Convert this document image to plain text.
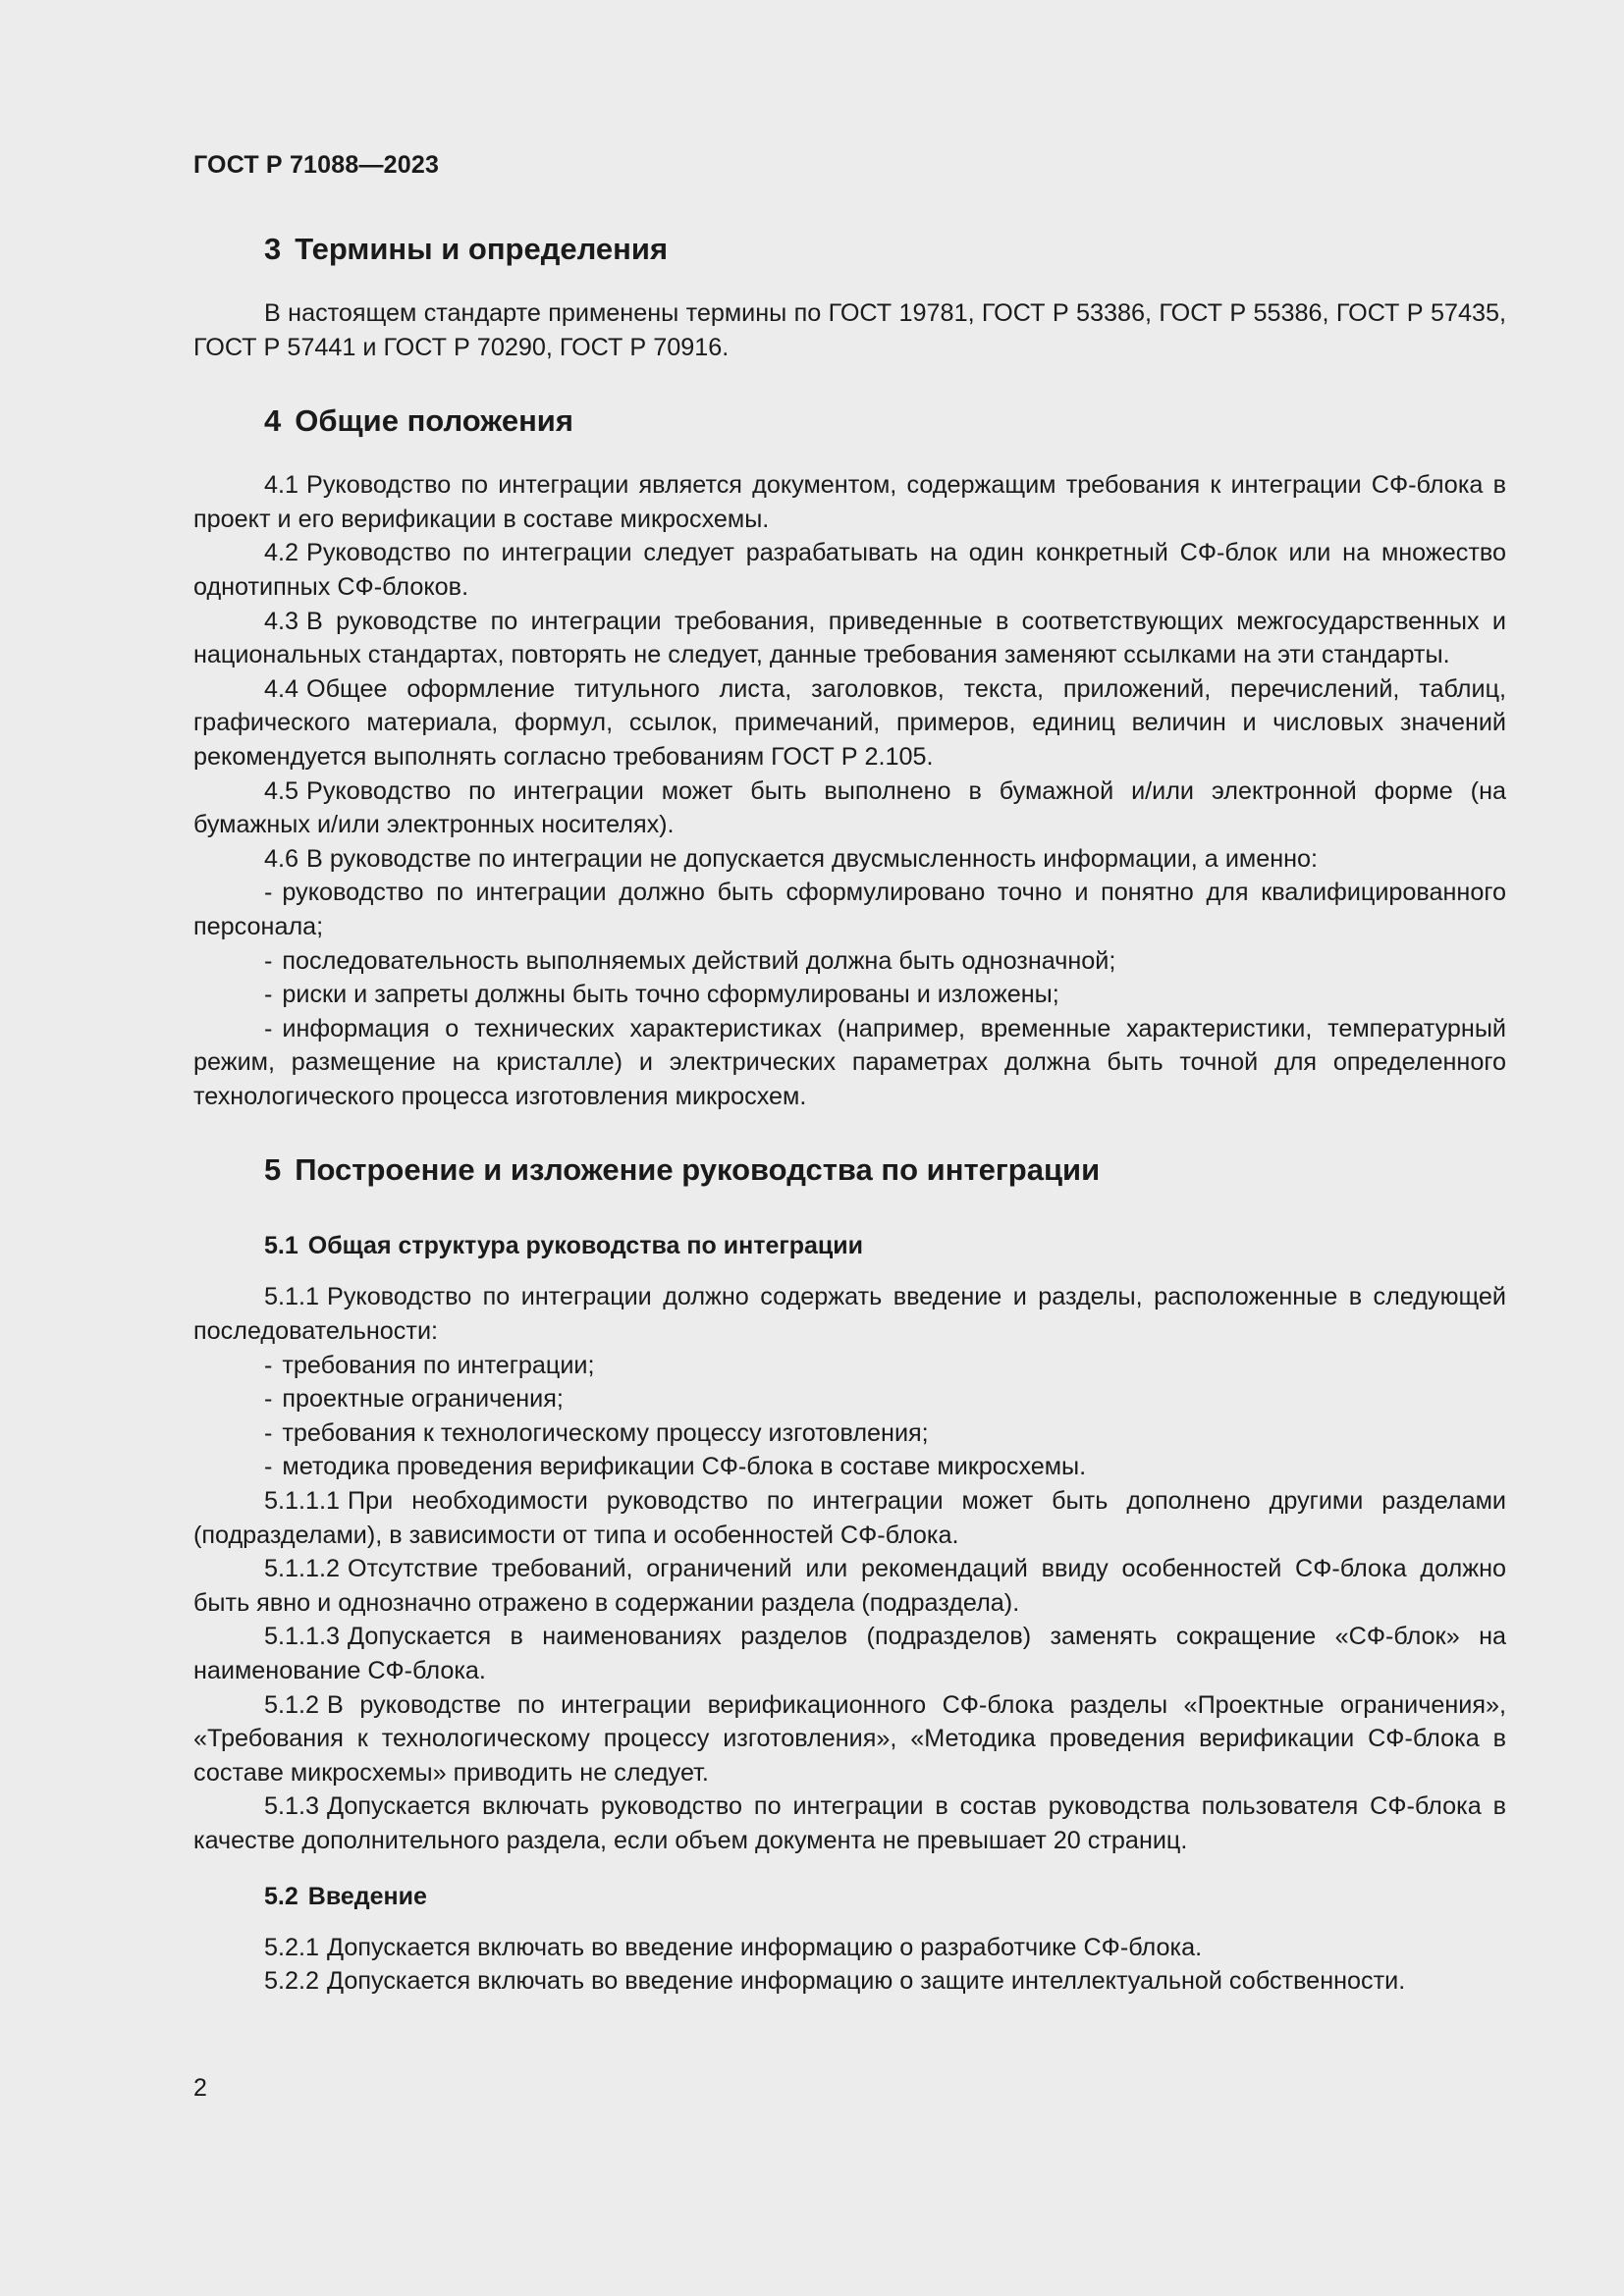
ГОСТ Р 71088—2023
3 Термины и определения

В настоящем стандарте применены термины по ГОСТ 19781, ГОСТ Р 53386, ГОСТ Р 55386, ГОСТ Р 57435, ГОСТ Р 57441 и ГОСТ Р 70290, ГОСТ Р 70916.

4 Общие положения

4.1 Руководство по интеграции является документом, содержащим требования к интеграции СФ-блока в проект и его верификации в составе микросхемы.

4.2 Руководство по интеграции следует разрабатывать на один конкретный СФ-блок или на множество однотипных СФ-блоков.

4.3 В руководстве по интеграции требования, приведенные в соответствующих межгосударственных и национальных стандартах, повторять не следует, данные требования заменяют ссылками на эти стандарты.

4.4 Общее оформление титульного листа, заголовков, текста, приложений, перечислений, таблиц, графического материала, формул, ссылок, примечаний, примеров, единиц величин и числовых значений рекомендуется выполнять согласно требованиям ГОСТ Р 2.105.

4.5 Руководство по интеграции может быть выполнено в бумажной и/или электронной форме (на бумажных и/или электронных носителях).

4.6 В руководстве по интеграции не допускается двусмысленность информации, а именно:

- руководство по интеграции должно быть сформулировано точно и понятно для квалифицированного персонала;

- последовательность выполняемых действий должна быть однозначной;

- риски и запреты должны быть точно сформулированы и изложены;

- информация о технических характеристиках (например, временные характеристики, температурный режим, размещение на кристалле) и электрических параметрах должна быть точной для определенного технологического процесса изготовления микросхем.

5 Построение и изложение руководства по интеграции
5.1 Общая структура руководства по интеграции

5.1.1 Руководство по интеграции должно содержать введение и разделы, расположенные в следующей последовательности:

- требования по интеграции;

- проектные ограничения;

- требования к технологическому процессу изготовления;

- методика проведения верификации СФ-блока в составе микросхемы.

5.1.1.1 При необходимости руководство по интеграции может быть дополнено другими разделами (подразделами), в зависимости от типа и особенностей СФ-блока.

5.1.1.2 Отсутствие требований, ограничений или рекомендаций ввиду особенностей СФ-блока должно быть явно и однозначно отражено в содержании раздела (подраздела).

5.1.1.3 Допускается в наименованиях разделов (подразделов) заменять сокращение «СФ-блок» на наименование СФ-блока.

5.1.2 В руководстве по интеграции верификационного СФ-блока разделы «Проектные ограничения», «Требования к технологическому процессу изготовления», «Методика проведения верификации СФ-блока в составе микросхемы» приводить не следует.

5.1.3 Допускается включать руководство по интеграции в состав руководства пользователя СФ-блока в качестве дополнительного раздела, если объем документа не превышает 20 страниц.

5.2 Введение

5.2.1 Допускается включать во введение информацию о разработчике СФ-блока.

5.2.2 Допускается включать во введение информацию о защите интеллектуальной собственности.

2
